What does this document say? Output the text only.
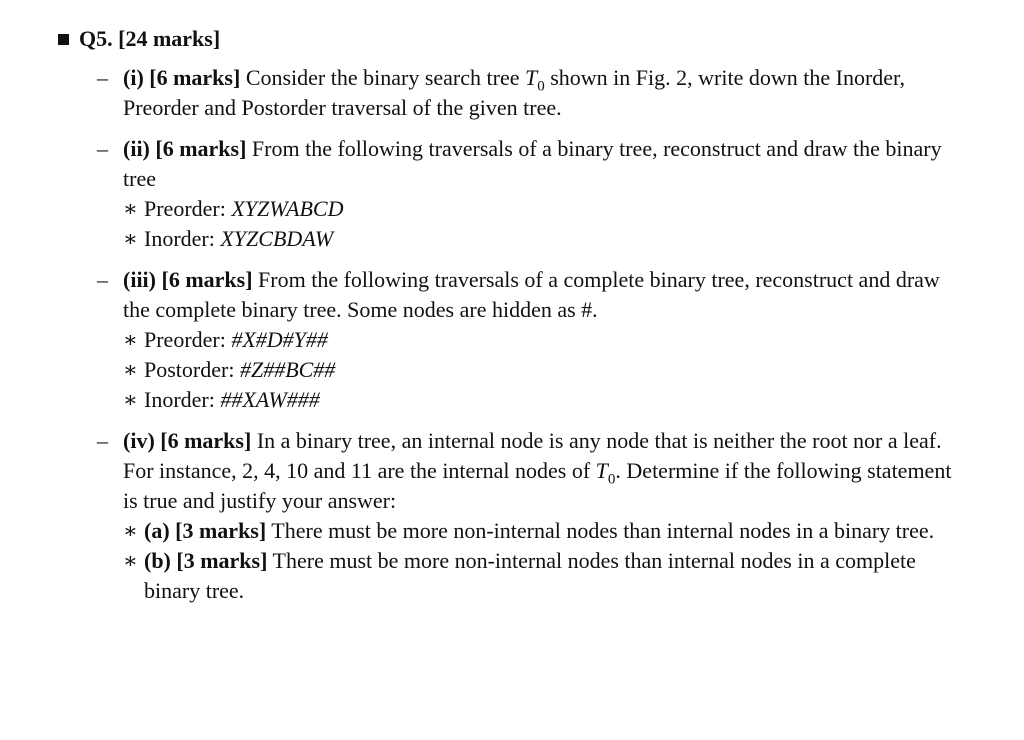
Q5. [24 marks]
– (i) [6 marks] Consider the binary search tree $T_0$ shown in Fig. 2, write down the Inorder, Preorder and Postorder traversal of the given tree.
– (ii) [6 marks] From the following traversals of a binary tree, reconstruct and draw the binary tree
∗ Preorder: XYZWABCD
∗ Inorder: XYZCBDAW
– (iii) [6 marks] From the following traversals of a complete binary tree, reconstruct and draw the complete binary tree. Some nodes are hidden as #.
∗ Preorder: #X#D#Y##
∗ Postorder: #Z##BC##
∗ Inorder: ##XAW###
– (iv) [6 marks] In a binary tree, an internal node is any node that is neither the root nor a leaf. For instance, 2, 4, 10 and 11 are the internal nodes of $T_0$. Determine if the following statement is true and justify your answer:
∗ (a) [3 marks] There must be more non-internal nodes than internal nodes in a binary tree.
∗ (b) [3 marks] There must be more non-internal nodes than internal nodes in a complete binary tree.
